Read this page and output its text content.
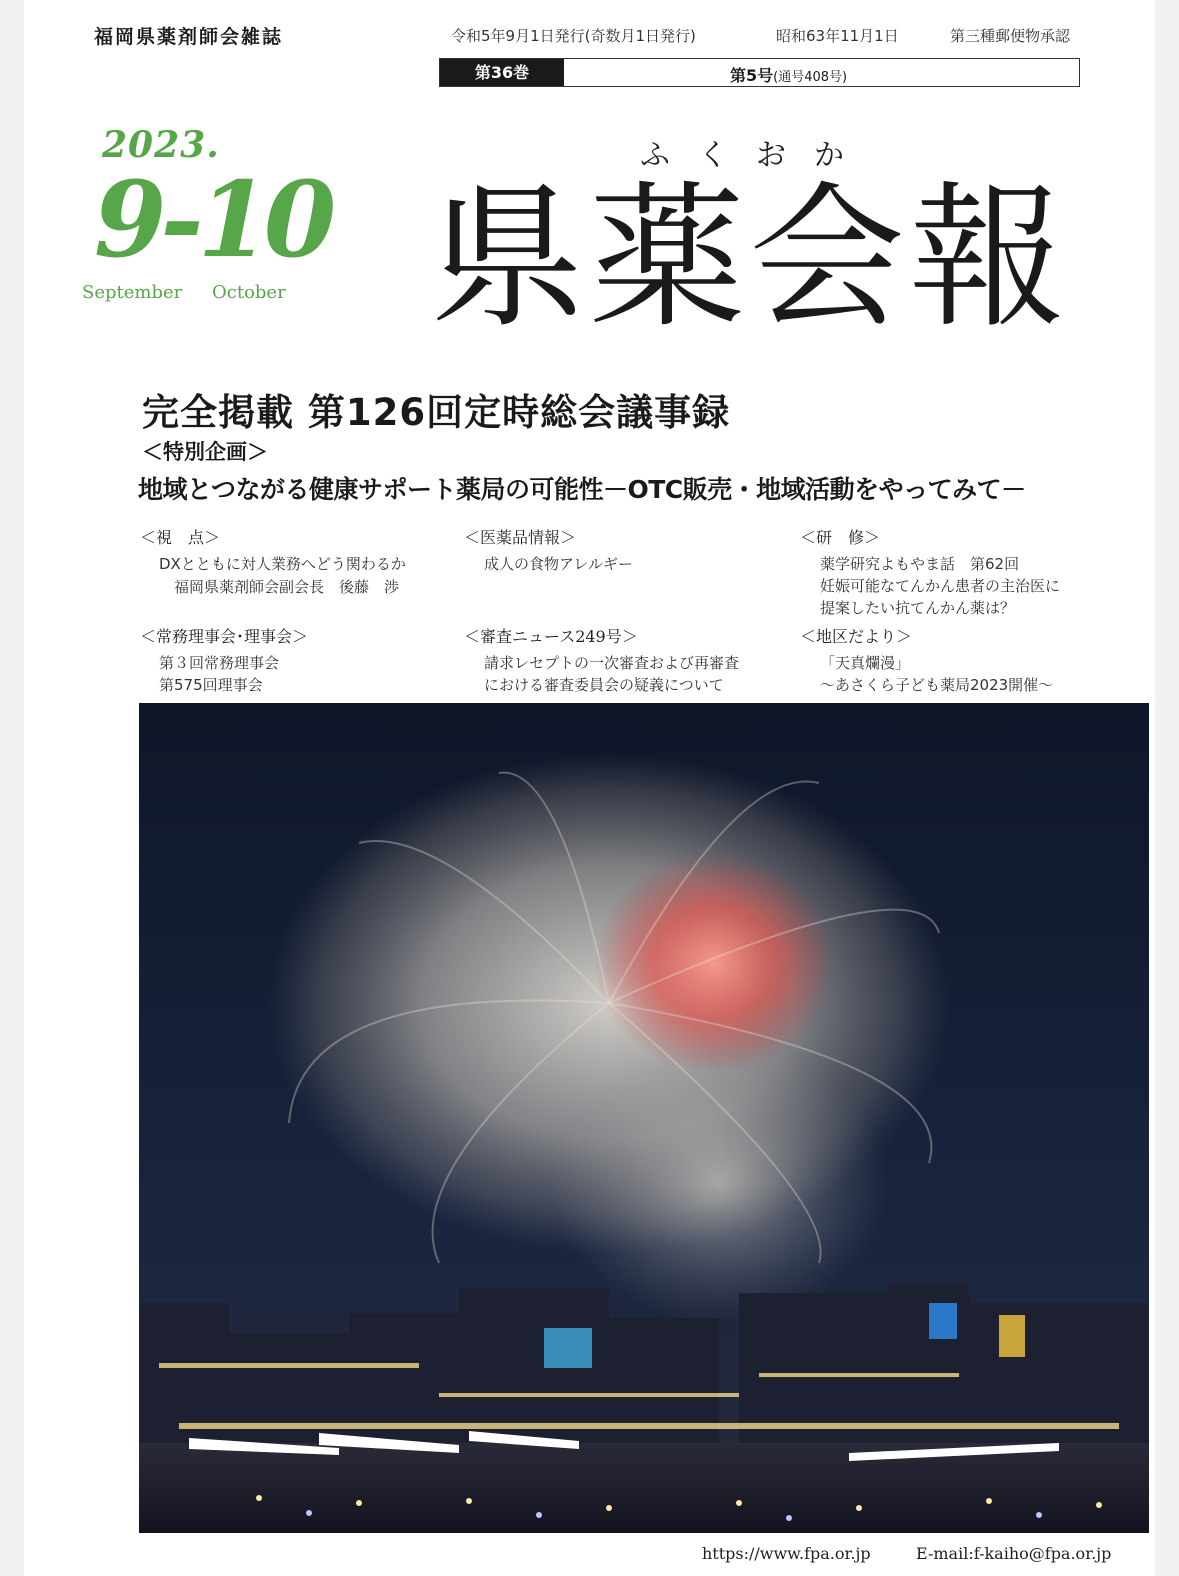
福岡県薬剤師会雑誌	令和5年9月1日発行(奇数月1日発行)	昭和63年11月1日	第三種郵便物承認
第36巻	第5号(通号408号)
2023.
9-10
September October
ふくおか
県薬会報
完全掲載 第126回定時総会議事録
＜特別企画＞
地域とつながる健康サポート薬局の可能性－OTC販売・地域活動をやってみて－
＜視　点＞
DXとともに対人業務へどう関わるか
　福岡県薬剤師会副会長　後藤　渉
＜常務理事会･理事会＞
第３回常務理事会
第575回理事会
＜医薬品情報＞
成人の食物アレルギー
＜審査ニュース249号＞
請求レセプトの一次審査および再審査
における審査委員会の疑義について
＜研　修＞
薬学研究よもやま話　第62回
妊娠可能なてんかん患者の主治医に
提案したい抗てんかん薬は？
＜地区だより＞
「天真爛漫」
～あさくら子ども薬局2023開催～
https://www.fpa.or.jp	E-mail:f-kaiho@fpa.or.jp
